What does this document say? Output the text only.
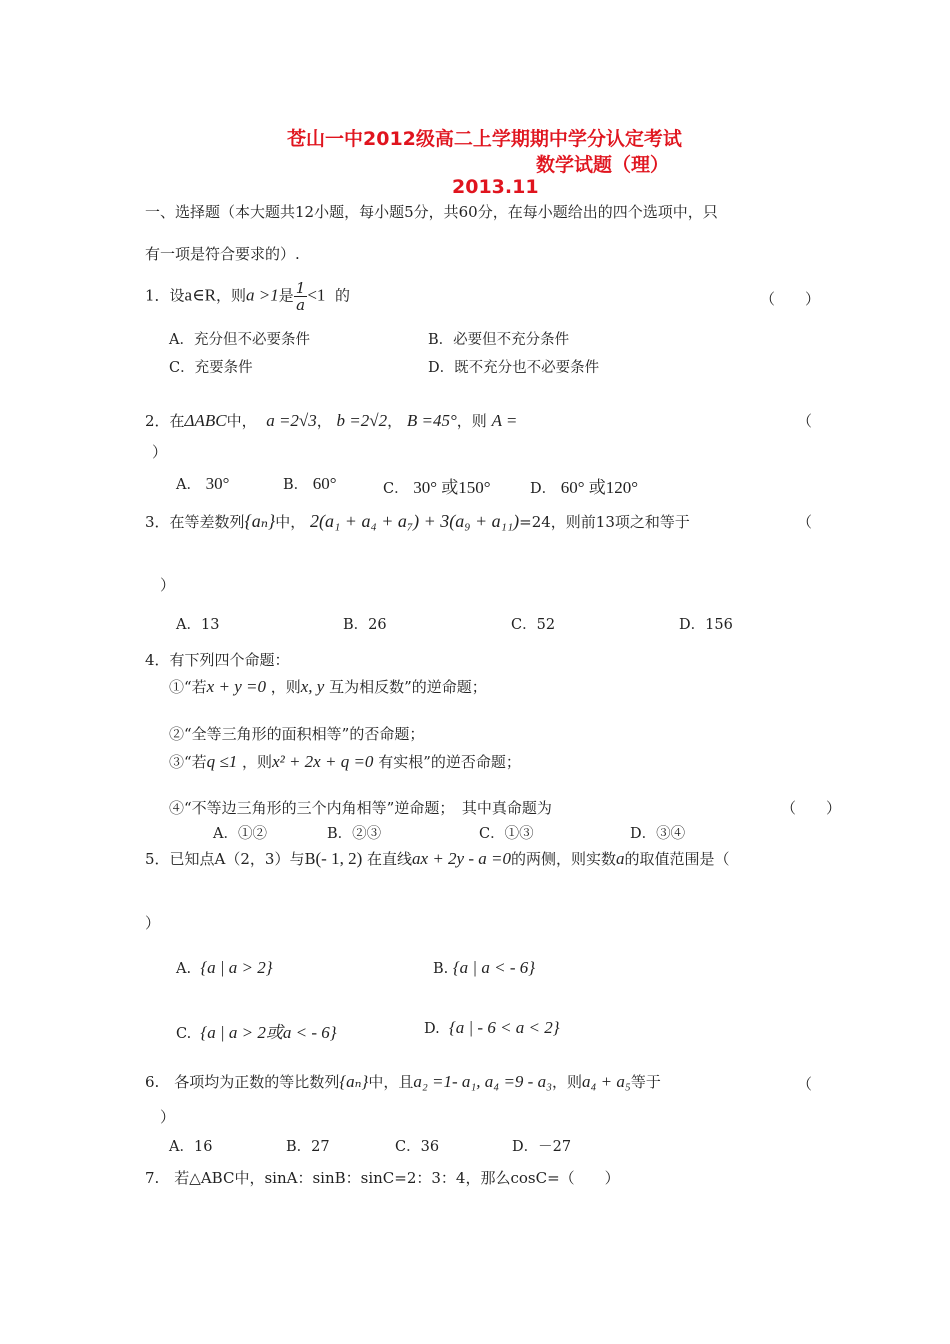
苍山一中2012级高二上学期期中学分认定考试
数学试题（理）
2013.11
一、选择题（本大题共12小题，每小题5分，共60分，在每小题给出的四个选项中，只
有一项是符合要求的）.
1．设a∈R，则a >1是 $\frac{1}{a} <1$ 的	（　　）
A．充分但不必要条件	B．必要但不充分条件
C．充要条件	D．既不充分也不必要条件
2．在ΔABC中， a =2√3， b =2√2， B =45°，则 A =	（
）
A． 30°	B． 60°	C． 30° 或150°	D． 60° 或120°
3．在等差数列{aₙ}中， 2(a₁ + a₄ + a₇) + 3(a₉ + a₁₁)=24，则前13项之和等于	（
）
A．13	B．26	C．52	D．156
4．有下列四个命题：
①“若x + y =0 ，则x, y 互为相反数”的逆命题；
②“全等三角形的面积相等”的否命题；
③“若q ≤1 ，则x² + 2x + q =0 有实根”的逆否命题；
④“不等边三角形的三个内角相等”逆命题；　其中真命题为	（　　）
A．①②	B．②③	C．①③	D．③④
5．已知点A（2，3）与B(- 1, 2) 在直线ax + 2y - a =0的两侧，则实数a的取值范围是（
）
A. {a | a > 2}	B. {a | a < - 6}
C. {a | a > 2或a < - 6}	D. {a | - 6 < a < 2}
6.　各项均为正数的等比数列{aₙ}中，且a₂ =1- a₁, a₄ =9 - a₃，则a₄ + a₅等于	（
）
A．16	B．27	C．36	D．－27
7.　若△ABC中，sinA：sinB：sinC=2：3：4，那么cosC=（　　）
